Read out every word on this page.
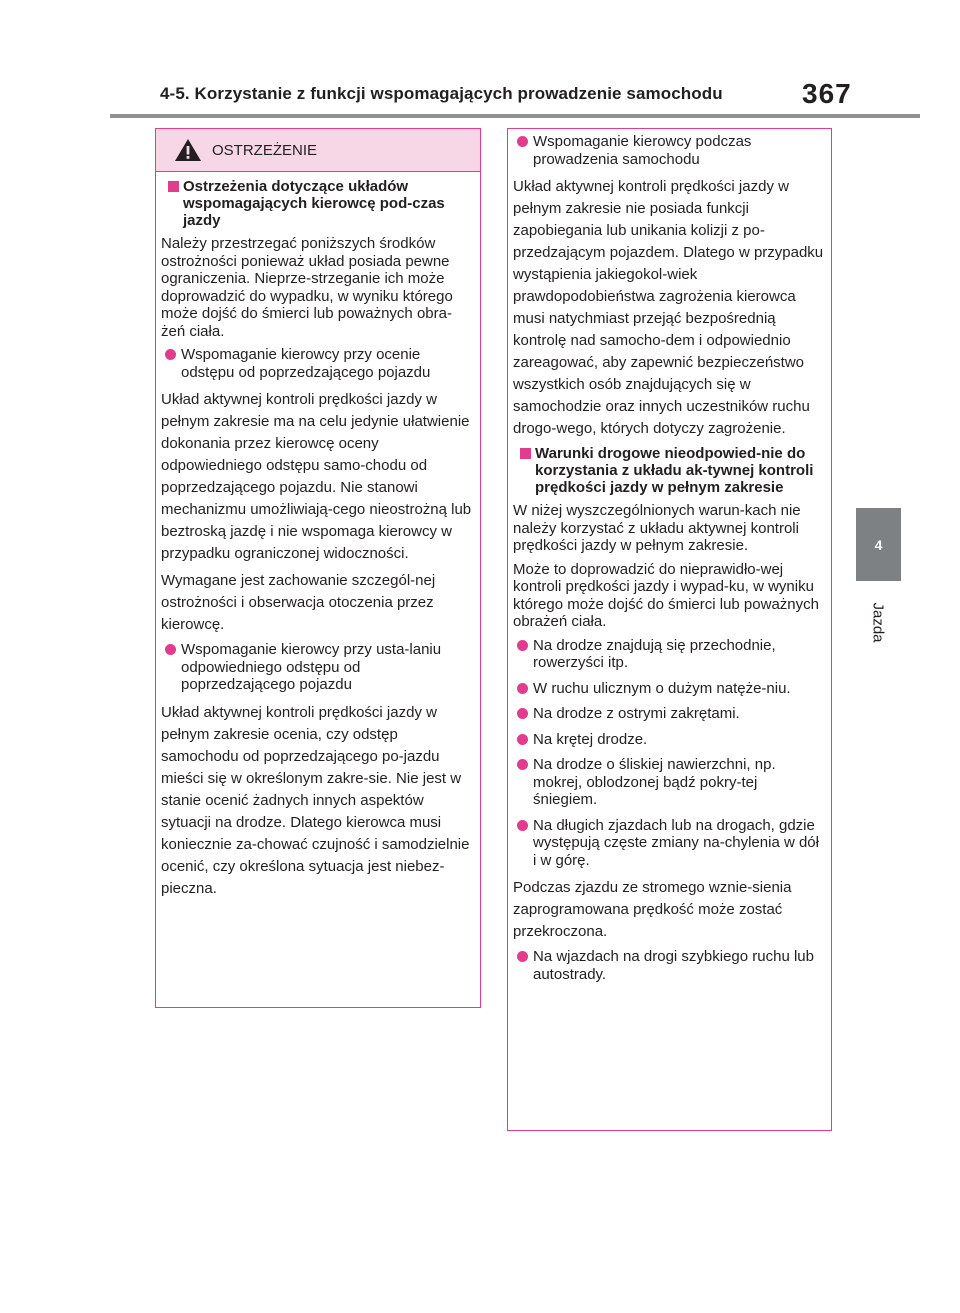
4-5. Korzystanie z funkcji wspomagających prowadzenie samochodu	367
4
Jazda
OSTRZEŻENIE
Ostrzeżenia dotyczące układów wspomagających kierowcę pod-czas jazdy

Należy przestrzegać poniższych środków ostrożności ponieważ układ posiada pewne ograniczenia. Nieprze-strzeganie ich może doprowadzić do wypadku, w wyniku którego może dojść do śmierci lub poważnych obra-żeń ciała.

Wspomaganie kierowcy przy ocenie odstępu od poprzedzającego pojazdu

Układ aktywnej kontroli prędkości jazdy w pełnym zakresie ma na celu jedynie ułatwienie dokonania przez kierowcę oceny odpowiedniego odstępu samo-chodu od poprzedzającego pojazdu. Nie stanowi mechanizmu umożliwiają-cego nieostrożną lub beztroską jazdę i nie wspomaga kierowcy w przypadku ograniczonej widoczności.

Wymagane jest zachowanie szczegól-nej ostrożności i obserwacja otoczenia przez kierowcę.

Wspomaganie kierowcy przy usta-laniu odpowiedniego odstępu od poprzedzającego pojazdu

Układ aktywnej kontroli prędkości jazdy w pełnym zakresie ocenia, czy odstęp samochodu od poprzedzającego po-jazdu mieści się w określonym zakre-sie. Nie jest w stanie ocenić żadnych innych aspektów sytuacji na drodze. Dlatego kierowca musi koniecznie za-chować czujność i samodzielnie ocenić, czy określona sytuacja jest niebez-pieczna.

Wspomaganie kierowcy podczas prowadzenia samochodu

Układ aktywnej kontroli prędkości jazdy w pełnym zakresie nie posiada funkcji zapobiegania lub unikania kolizji z po-przedzającym pojazdem. Dlatego w przypadku wystąpienia jakiegokol-wiek prawdopodobieństwa zagrożenia kierowca musi natychmiast przejąć bezpośrednią kontrolę nad samocho-dem i odpowiednio zareagować, aby zapewnić bezpieczeństwo wszystkich osób znajdujących się w samochodzie oraz innych uczestników ruchu drogo-wego, których dotyczy zagrożenie.

Warunki drogowe nieodpowied-nie do korzystania z układu ak-tywnej kontroli prędkości jazdy w pełnym zakresie

W niżej wyszczególnionych warun-kach nie należy korzystać z układu aktywnej kontroli prędkości jazdy w pełnym zakresie.

Może to doprowadzić do nieprawidło-wej kontroli prędkości jazdy i wypad-ku, w wyniku którego może dojść do śmierci lub poważnych obrażeń ciała.

Na drodze znajdują się przechodnie, rowerzyści itp.
W ruchu ulicznym o dużym natęże-niu.
Na drodze z ostrymi zakrętami.
Na krętej drodze.
Na drodze o śliskiej nawierzchni, np. mokrej, oblodzonej bądź pokry-tej śniegiem.
Na długich zjazdach lub na drogach, gdzie występują częste zmiany na-chylenia w dół i w górę.

Podczas zjazdu ze stromego wznie-sienia zaprogramowana prędkość może zostać przekroczona.

Na wjazdach na drogi szybkiego ruchu lub autostrady.
